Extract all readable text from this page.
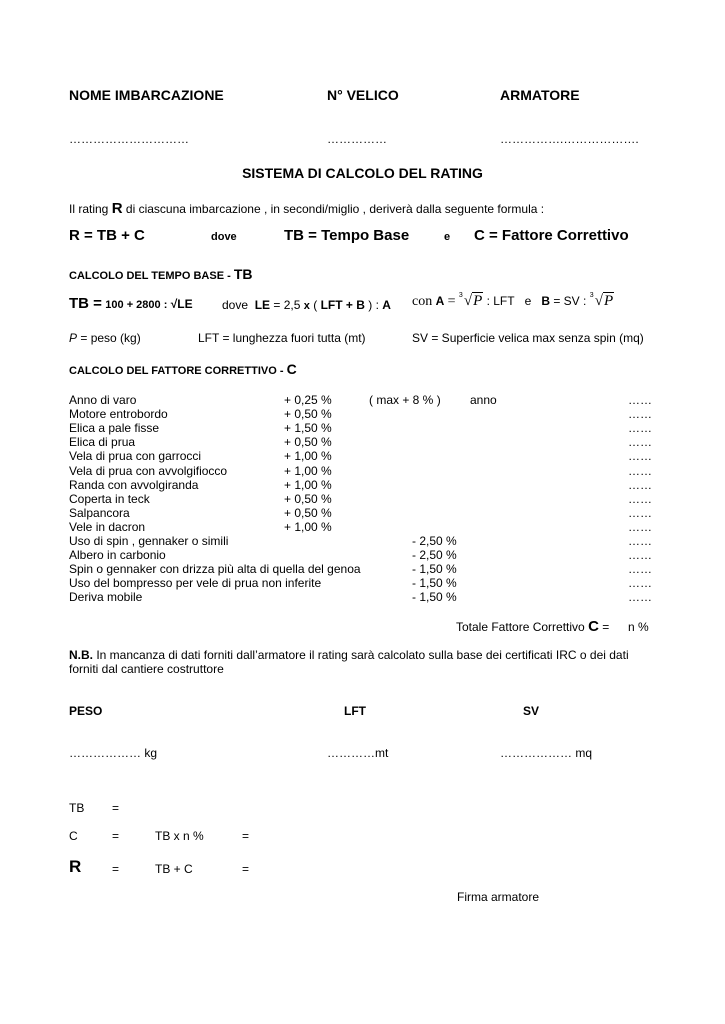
NOME IMBARCAZIONE	N° VELICO	ARMATORE
…………………………	……………	…………….……………….
SISTEMA DI CALCOLO DEL RATING
Il rating R di ciascuna imbarcazione , in secondi/miglio , deriverà dalla seguente formula :
R = TB + C	dove	TB = Tempo Base	e C = Fattore Correttivo
CALCOLO DEL TEMPO BASE - TB
TB = 100 + 2800 : √LE dove LE = 2,5 x ( LFT + B ) : A con A = 3 √P : LFT e B = SV : 3 √P
P = peso (kg)	LFT = lunghezza fuori tutta (mt)	SV = Superficie velica max senza spin (mq)
CALCOLO DEL FATTORE CORRETTIVO - C
Anno di varo	+ 0,25 %	……
Motore entrobordo	+ 0,50 %	……
Elica a pale fisse	+ 1,50 %	……
Elica di prua	+ 0,50 %	……
Vela di prua con garrocci	+ 1,00 %	……
Vela di prua con avvolgifiocco	+ 1,00 %	……
Randa con avvolgiranda	+ 1,00 %	……
Coperta in teck	+ 0,50 %	……
Salpancora	+ 0,50 %	……
Vele in dacron	+ 1,00 %	……
Uso di spin , gennaker o simili	- 2,50 %	……
Albero in carbonio	- 2,50 %	……
Spin o gennaker con drizza più alta di quella del genoa	- 1,50 %	……
Uso del bompresso per vele di prua non inferite	- 1,50 %	……
Deriva mobile	- 1,50 %	……
( max + 8 % ) anno
Totale Fattore Correttivo C = n %
N.B. In mancanza di dati forniti dall’armatore il rating sarà calcolato sulla base dei certificati IRC o dei dati
forniti dal cantiere costruttore
PESO	LFT	SV
……………… kg	…………mt	……………… mq
TB =
C	=	TB x n %	=
R	=	TB + C	=
Firma armatore
